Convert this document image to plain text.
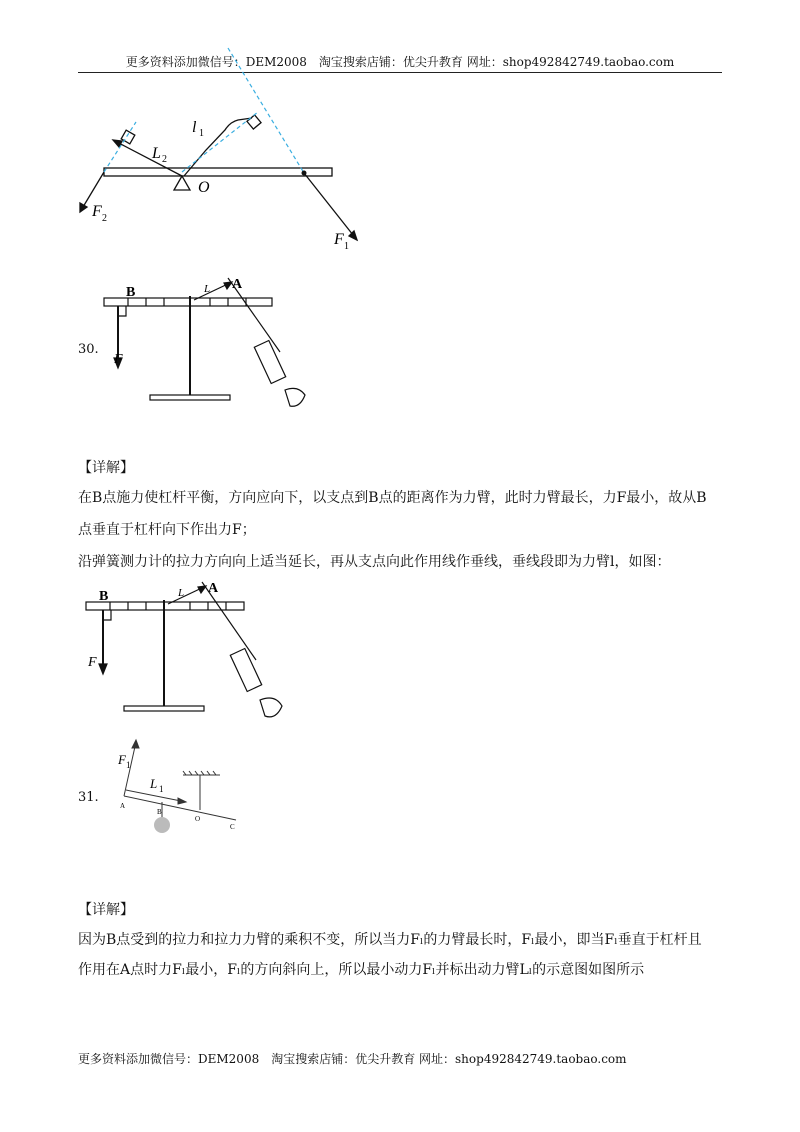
更多资料添加微信号：DEM2008　淘宝搜索店铺：优尖升教育 网址：shop492842749.taobao.com
l 1
L 2
O
F 2
F 1
30.
B
A
L
F
【详解】
在B点施力使杠杆平衡，方向应向下，以支点到B点的距离作为力臂，此时力臂最长，力F最小，故从B
点垂直于杠杆向下作出力F；
沿弹簧测力计的拉力方向向上适当延长，再从支点向此作用线作垂线，垂线段即为力臂l，如图：
B
A
L
F
31.
F 1
L 1
A
B
O
C
【详解】
因为B点受到的拉力和拉力力臂的乘积不变，所以当力Fₗ的力臂最长时，Fₗ最小，即当Fₗ垂直于杠杆且
作用在A点时力Fₗ最小，Fₗ的方向斜向上，所以最小动力Fₗ并标出动力臂Lₗ的示意图如图所示
更多资料添加微信号：DEM2008　淘宝搜索店铺：优尖升教育 网址：shop492842749.taobao.com
